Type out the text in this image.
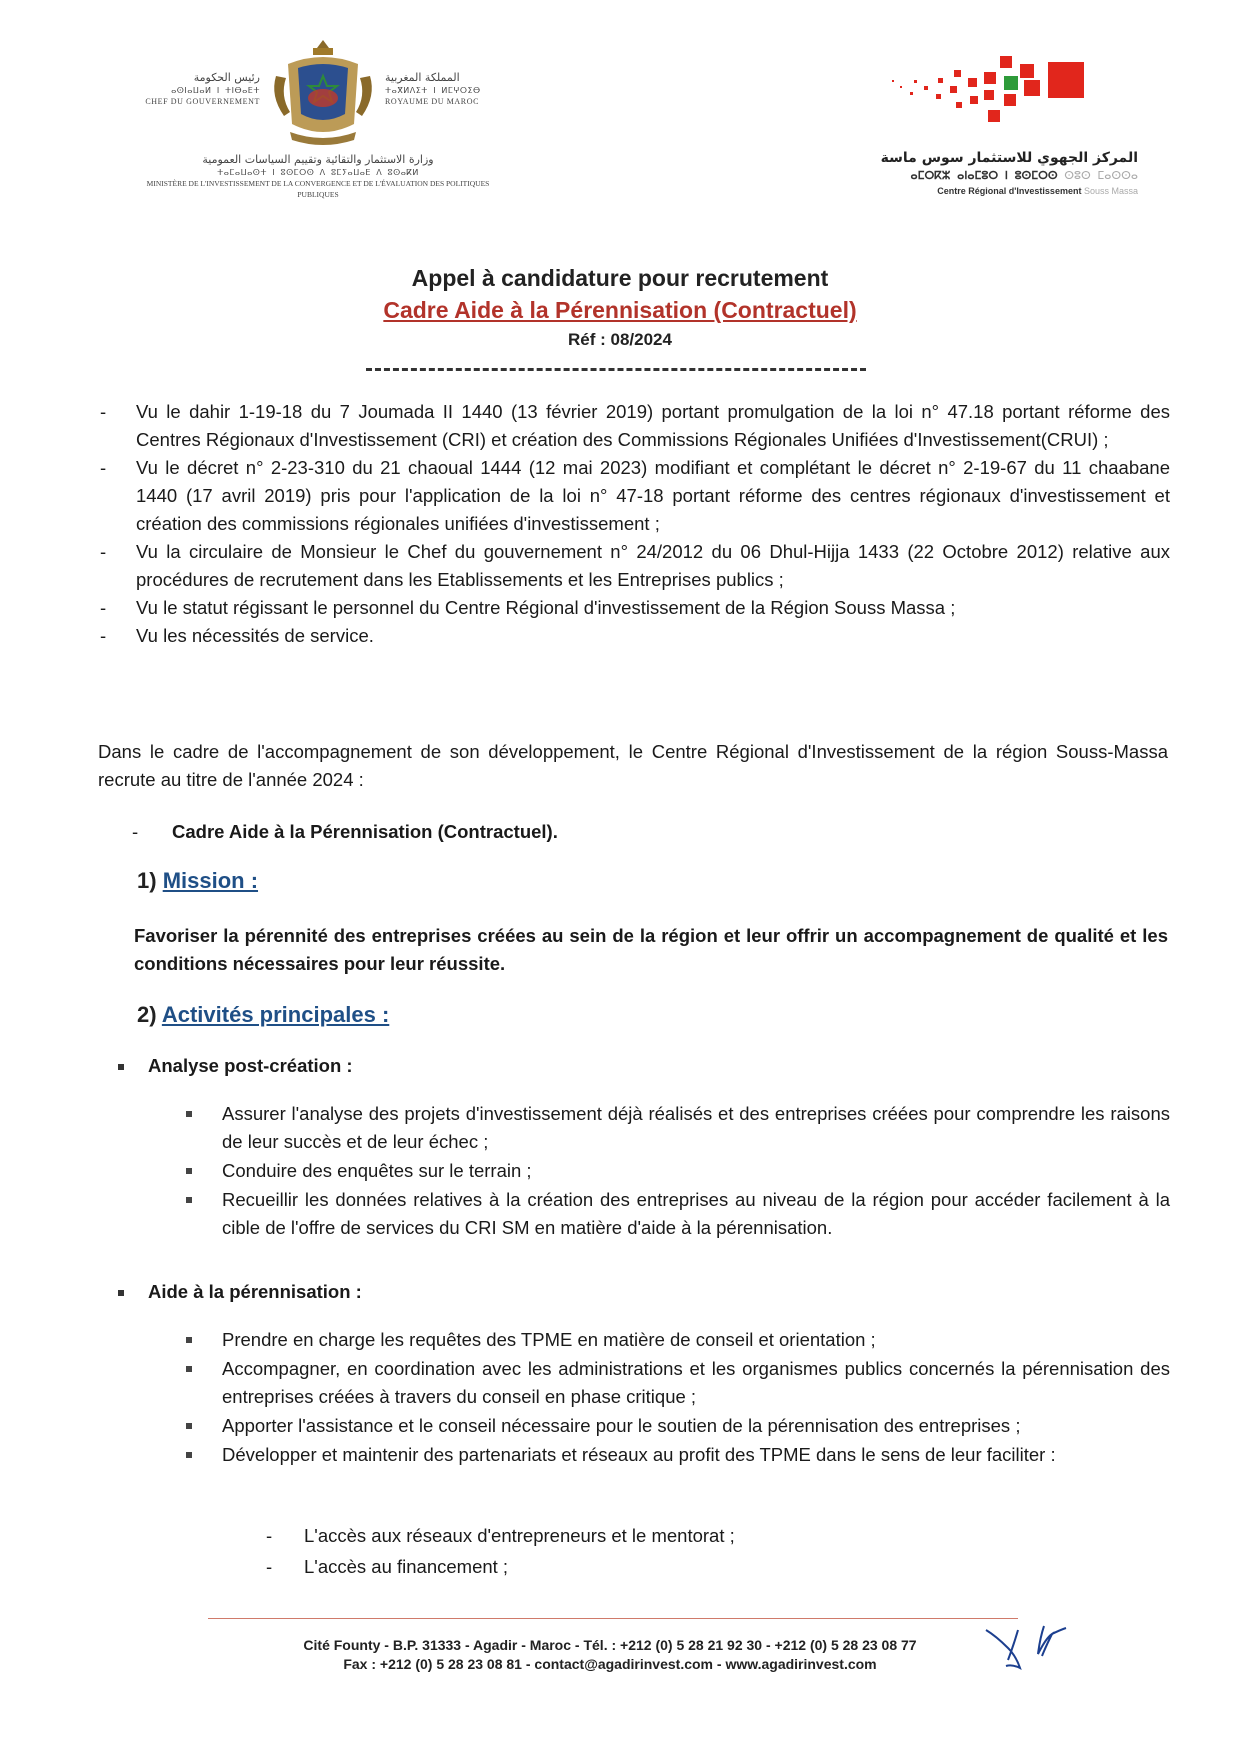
رئيس الحكومة
ⴰⵙⵏⴰⵡⴰⵍ ⵏ ⵜⵏⴱⴰⴹⵜ
CHEF DU GOUVERNEMENT
المملكة المغربية
ⵜⴰⴳⵍⴷⵉⵜ ⵏ ⵍⵎⵖⵔⵉⴱ
ROYAUME DU MAROC
وزارة الاستثمار والتقائية وتقييم السياسات العمومية
ⵜⴰⵎⴰⵡⴰⵙⵜ ⵏ ⵓⵙⵎⵔⵙ ⴷ ⵓⵎⵢⴰⵡⴰⴹ ⴷ ⵓⵙⴰⴽⵍ
MINISTÈRE DE L'INVESTISSEMENT DE LA CONVERGENCE ET DE L'ÉVALUATION DES POLITIQUES PUBLIQUES
المركز الجهوي للاستثمار سوس ماسة
ⴰⵎⵔⴽⵣ ⴰⵏⴰⵎⵓⵔ ⵏ ⵓⵙⵎⵔⵙ ⵙⵓⵙ ⵎⴰⵙⵙⴰ
Centre Régional d'Investissement Souss Massa
Appel à candidature pour recrutement
Cadre Aide à la Pérennisation (Contractuel)
Réf : 08/2024
- Vu le dahir 1-19-18 du 7 Joumada II 1440 (13 février 2019) portant promulgation de la loi n° 47.18 portant réforme des Centres Régionaux d'Investissement (CRI) et création des Commissions Régionales Unifiées d'Investissement(CRUI) ;
- Vu le décret n° 2-23-310 du 21 chaoual 1444 (12 mai 2023) modifiant et complétant le décret n° 2-19-67 du 11 chaabane 1440 (17 avril 2019) pris pour l'application de la loi n° 47-18 portant réforme des centres régionaux d'investissement et création des commissions régionales unifiées d'investissement ;
- Vu la circulaire de Monsieur le Chef du gouvernement n° 24/2012 du 06 Dhul-Hijja 1433 (22 Octobre 2012) relative aux procédures de recrutement dans les Etablissements et les Entreprises publics ;
- Vu le statut régissant le personnel du Centre Régional d'investissement de la Région Souss Massa ;
- Vu les nécessités de service.
Dans le cadre de l'accompagnement de son développement, le Centre Régional d'Investissement de la région Souss-Massa recrute au titre de l'année 2024 :
- Cadre Aide à la Pérennisation (Contractuel).
1) Mission :
Favoriser la pérennité des entreprises créées au sein de la région et leur offrir un accompagnement de qualité et les conditions nécessaires pour leur réussite.
2) Activités principales :
Analyse post-création :
Assurer l'analyse des projets d'investissement déjà réalisés et des entreprises créées pour comprendre les raisons de leur succès et de leur échec ;
Conduire des enquêtes sur le terrain ;
Recueillir les données relatives à la création des entreprises au niveau de la région pour accéder facilement à la cible de l'offre de services du CRI SM en matière d'aide à la pérennisation.
Aide à la pérennisation :
Prendre en charge les requêtes des TPME en matière de conseil et orientation ;
Accompagner, en coordination avec les administrations et les organismes publics concernés la pérennisation des entreprises créées à travers du conseil en phase critique ;
Apporter l'assistance et le conseil nécessaire pour le soutien de la pérennisation des entreprises ;
Développer et maintenir des partenariats et réseaux au profit des TPME dans le sens de leur faciliter :
- L'accès aux réseaux d'entrepreneurs et le mentorat ;
- L'accès au financement ;
Cité Founty - B.P. 31333 - Agadir - Maroc - Tél. : +212 (0) 5 28 21 92 30 - +212 (0) 5 28 23 08 77
Fax : +212 (0) 5 28 23 08 81 - contact@agadirinvest.com - www.agadirinvest.com
